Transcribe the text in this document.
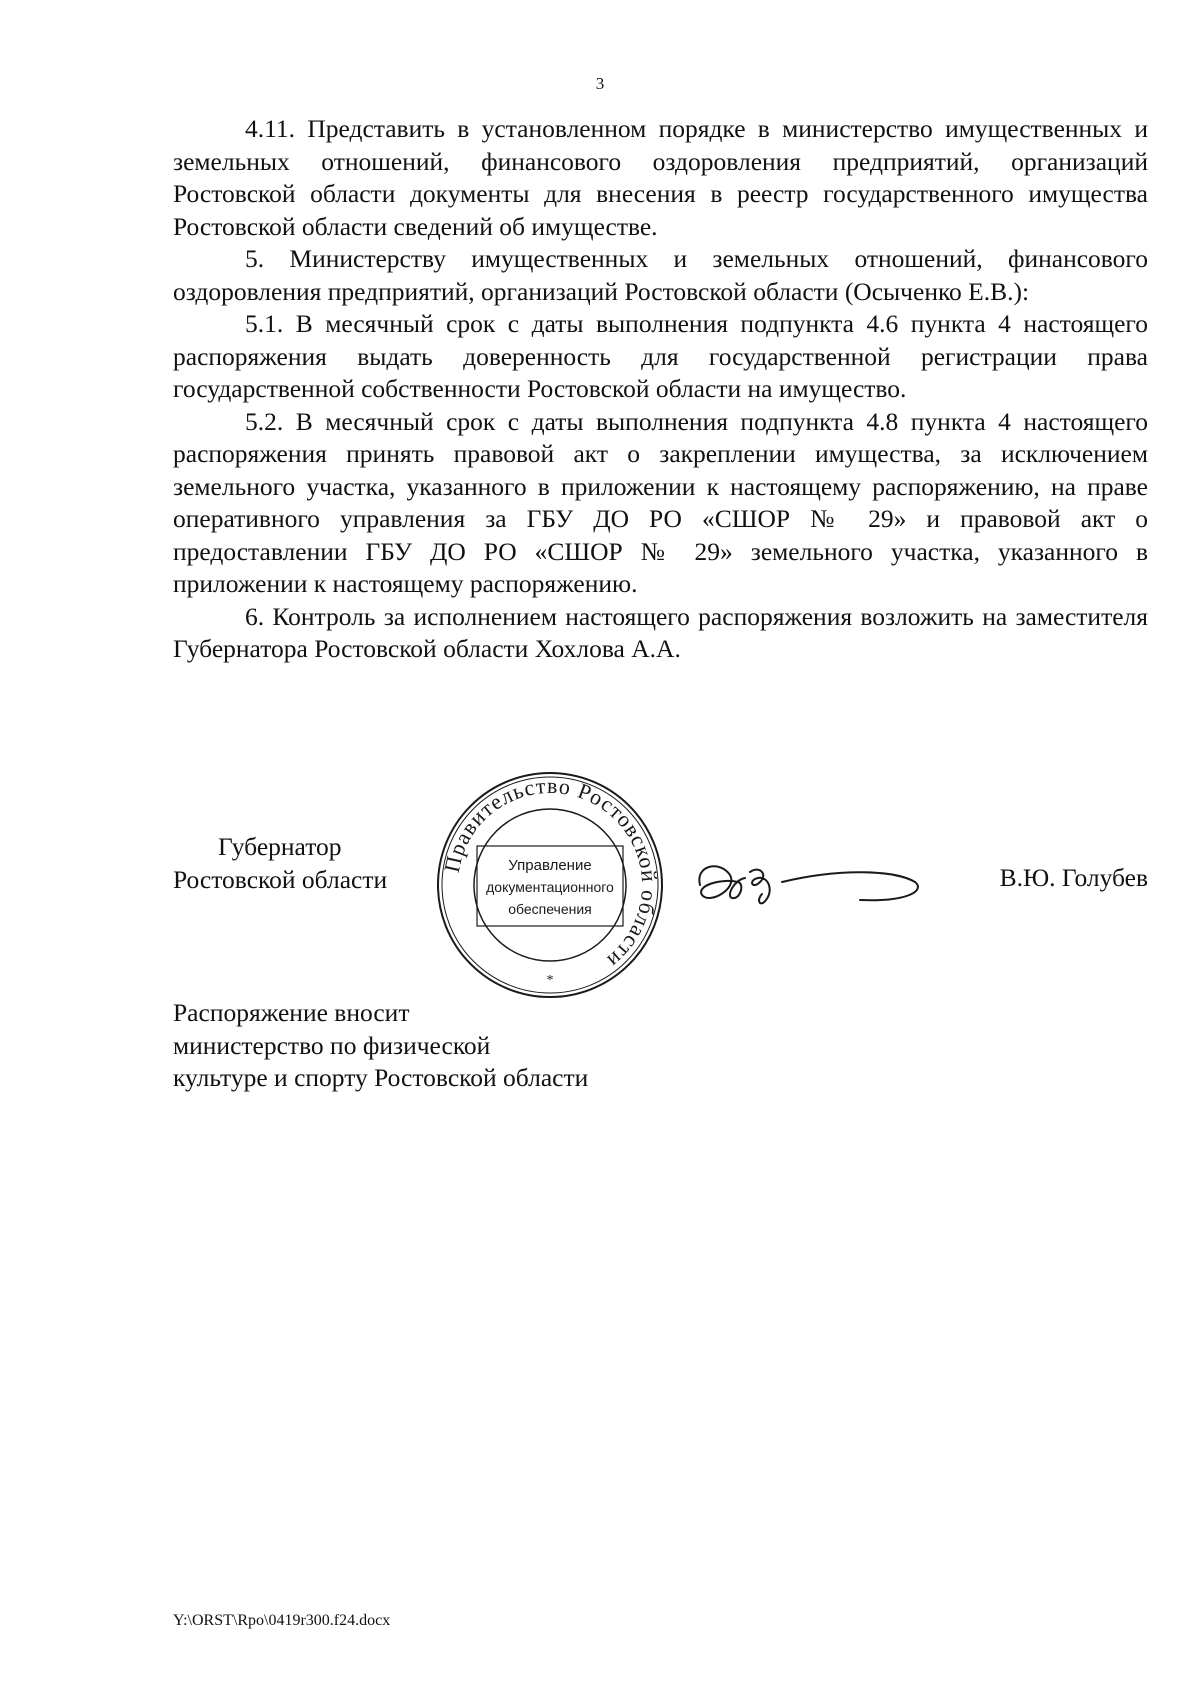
3

4.11. Представить в установленном порядке в министерство имущественных и земельных отношений, финансового оздоровления предприятий, организаций Ростовской области документы для внесения в реестр государственного имущества Ростовской области сведений об имуществе.

5. Министерству имущественных и земельных отношений, финансового оздоровления предприятий, организаций Ростовской области (Осыченко Е.В.):

5.1. В месячный срок с даты выполнения подпункта 4.6 пункта 4 настоящего распоряжения выдать доверенность для государственной регистрации права государственной собственности Ростовской области на имущество.

5.2. В месячный срок с даты выполнения подпункта 4.8 пункта 4 настоящего распоряжения принять правовой акт о закреплении имущества, за исключением земельного участка, указанного в приложении к настоящему распоряжению, на праве оперативного управления за ГБУ ДО РО «СШОР № 29» и правовой акт о предоставлении ГБУ ДО РО «СШОР № 29» земельного участка, указанного в приложении к настоящему распоряжению.

6. Контроль за исполнением настоящего распоряжения возложить на заместителя Губернатора Ростовской области Хохлова А.А.

Губернатор
Ростовской области
Правительство Ростовской области
Управление
документационного
обеспечения
*
В.Ю. Голубев
Распоряжение вносит
министерство по физической
культуре и спорту Ростовской области
Y:\ORST\Rpo\0419r300.f24.docx
